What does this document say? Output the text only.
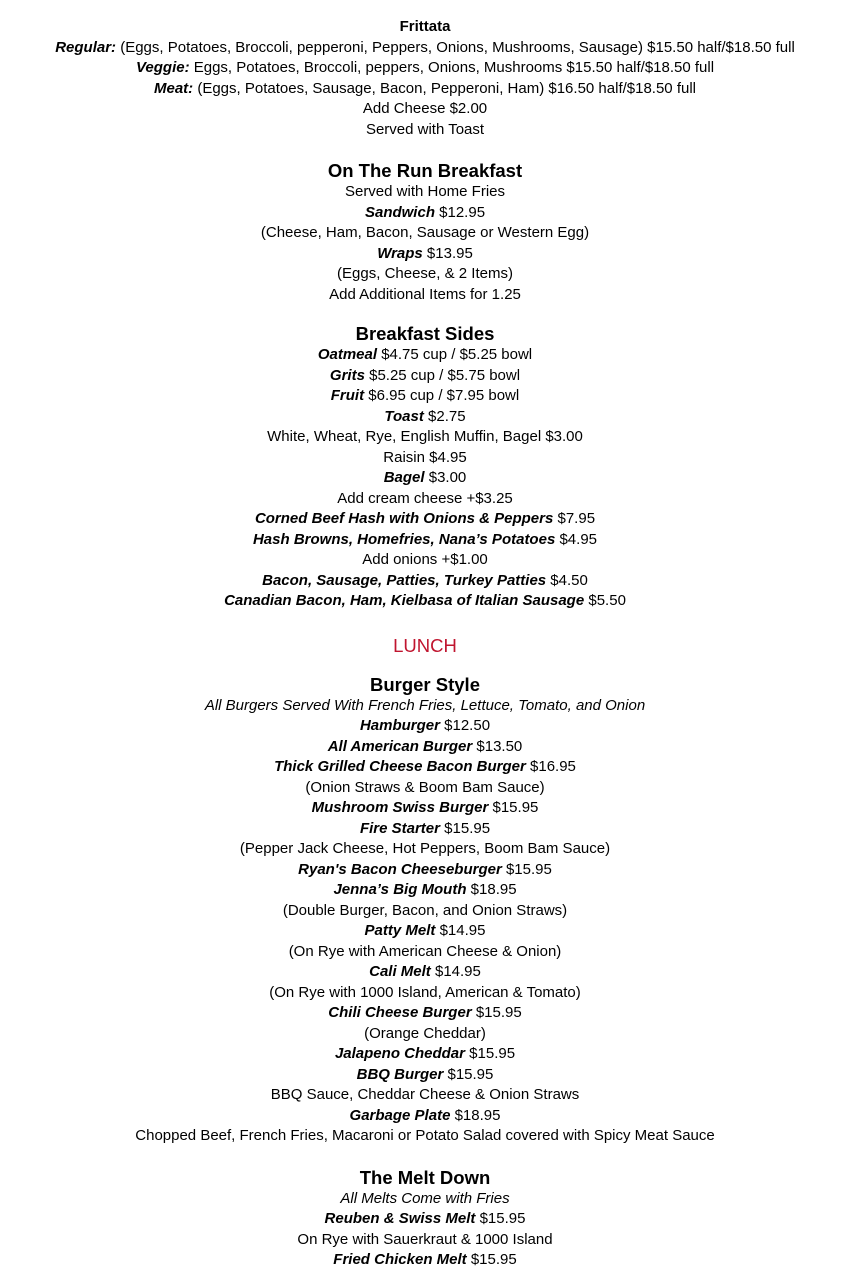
Frittata
Regular: (Eggs, Potatoes, Broccoli, pepperoni, Peppers, Onions, Mushrooms, Sausage) $15.50 half/$18.50 full
Veggie: Eggs, Potatoes, Broccoli, peppers, Onions, Mushrooms $15.50 half/$18.50 full
Meat: (Eggs, Potatoes, Sausage, Bacon, Pepperoni, Ham) $16.50 half/$18.50 full
Add Cheese $2.00
Served with Toast
On The Run Breakfast
Served with Home Fries
Sandwich $12.95
(Cheese, Ham, Bacon, Sausage or Western Egg)
Wraps $13.95
(Eggs, Cheese, & 2 Items)
Add Additional Items for 1.25
Breakfast Sides
Oatmeal $4.75 cup / $5.25 bowl
Grits $5.25 cup / $5.75 bowl
Fruit $6.95 cup / $7.95 bowl
Toast $2.75
White, Wheat, Rye, English Muffin, Bagel $3.00
Raisin $4.95
Bagel $3.00
Add cream cheese +$3.25
Corned Beef Hash with Onions & Peppers $7.95
Hash Browns, Homefries, Nana’s Potatoes $4.95
Add onions +$1.00
Bacon, Sausage, Patties, Turkey Patties $4.50
Canadian Bacon, Ham, Kielbasa of Italian Sausage $5.50
LUNCH
Burger Style
All Burgers Served With French Fries, Lettuce, Tomato, and Onion
Hamburger $12.50
All American Burger $13.50
Thick Grilled Cheese Bacon Burger $16.95
(Onion Straws & Boom Bam Sauce)
Mushroom Swiss Burger $15.95
Fire Starter $15.95
(Pepper Jack Cheese, Hot Peppers, Boom Bam Sauce)
Ryan's Bacon Cheeseburger $15.95
Jenna’s Big Mouth $18.95
(Double Burger, Bacon, and Onion Straws)
Patty Melt $14.95
(On Rye with American Cheese & Onion)
Cali Melt $14.95
(On Rye with 1000 Island, American & Tomato)
Chili Cheese Burger $15.95
(Orange Cheddar)
Jalapeno Cheddar $15.95
BBQ Burger $15.95
BBQ Sauce, Cheddar Cheese & Onion Straws
Garbage Plate $18.95
Chopped Beef, French Fries, Macaroni or Potato Salad covered with Spicy Meat Sauce
The Melt Down
All Melts Come with Fries
Reuben & Swiss Melt $15.95
On Rye with Sauerkraut & 1000 Island
Fried Chicken Melt $15.95
